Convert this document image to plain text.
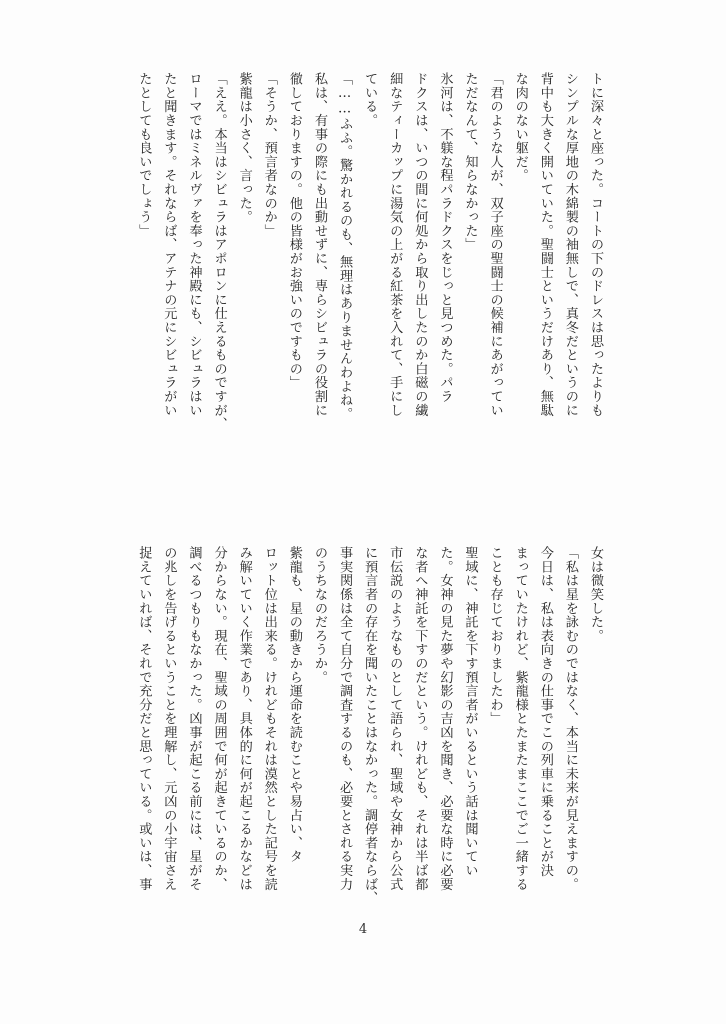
トに深々と座った。コートの下のドレスは思ったよりも
シンプルな厚地の木綿製の袖無しで、真冬だというのに
背中も大きく開いていた。聖闘士というだけあり、無駄
な肉のない躯だ。
「君のような人が、双子座の聖闘士の候補にあがってい
ただなんて、知らなかった」
氷河は、不躾な程パラドクスをじっと見つめた。パラ
ドクスは、いつの間に何処から取り出したのか白磁の繊
細なティーカップに湯気の上がる紅茶を入れて、手にし
ている。
「……ふふ。驚かれるのも、無理はありませんわよね。
私は、有事の際にも出動せずに、専らシビュラの役割に
徹しておりますの。他の皆様がお強いのですもの」
「そうか、預言者なのか」
紫龍は小さく、言った。
「ええ。本当はシビュラはアポロンに仕えるものですが、
ローマではミネルヴァを奉った神殿にも、シビュラはい
たと聞きます。それならば、アテナの元にシビュラがい
たとしても良いでしょう」
女は微笑した。
「私は星を詠むのではなく、本当に未来が見えますの。
今日は、私は表向きの仕事でこの列車に乗ることが決
まっていたけれど、紫龍様とたまたまここでご一緒する
ことも存じておりましたわ」
聖域に、神託を下す預言者がいるという話は聞いてい
た。女神の見た夢や幻影の吉凶を聞き、必要な時に必要
な者へ神託を下すのだという。けれども、それは半ば都
市伝説のようなものとして語られ、聖域や女神から公式
に預言者の存在を聞いたことはなかった。調停者ならば、
事実関係は全て自分で調査するのも、必要とされる実力
のうちなのだろうか。
紫龍も、星の動きから運命を読むことや易占い、タ
ロット位は出来る。けれどもそれは漠然とした記号を読
み解いていく作業であり、具体的に何が起こるかなどは
分からない。現在、聖域の周囲で何が起きているのか、
調べるつもりもなかった。凶事が起こる前には、星がそ
の兆しを告げるということを理解し、元凶の小宇宙さえ
捉えていれば、それで充分だと思っている。或いは、事
4
